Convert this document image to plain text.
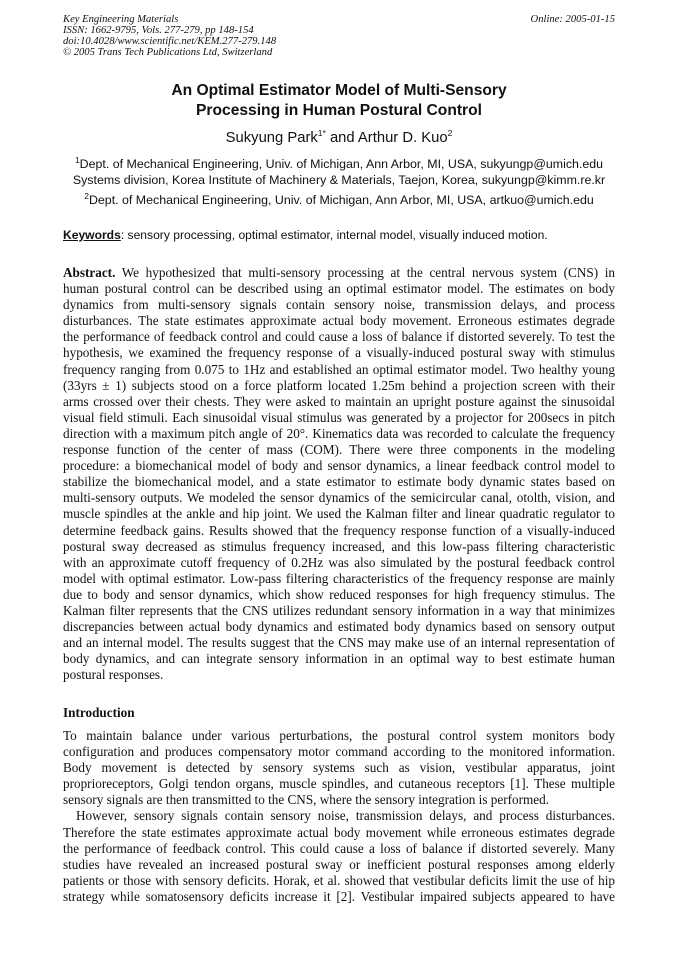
Key Engineering Materials	Online: 2005-01-15
ISSN: 1662-9795, Vols. 277-279, pp 148-154
doi:10.4028/www.scientific.net/KEM.277-279.148
© 2005 Trans Tech Publications Ltd, Switzerland
An Optimal Estimator Model of Multi-Sensory
Processing in Human Postural Control
Sukyung Park$^{1*}$ and Arthur D. Kuo$^2$
$^1$Dept. of Mechanical Engineering, Univ. of Michigan, Ann Arbor, MI, USA, sukyungp@umich.edu
Systems division, Korea Institute of Machinery & Materials, Taejon, Korea, sukyungp@kimm.re.kr
$^2$Dept. of Mechanical Engineering, Univ. of Michigan, Ann Arbor, MI, USA, artkuo@umich.edu
Keywords: sensory processing, optimal estimator, internal model, visually induced motion.
Abstract. We hypothesized that multi-sensory processing at the central nervous system (CNS) in
human postural control can be described using an optimal estimator model. The estimates on body
dynamics from multi-sensory signals contain sensory noise, transmission delays, and process
disturbances. The state estimates approximate actual body movement. Erroneous estimates degrade
the performance of feedback control and could cause a loss of balance if distorted severely. To test the
hypothesis, we examined the frequency response of a visually-induced postural sway with stimulus
frequency ranging from 0.075 to 1Hz and established an optimal estimator model. Two healthy young
(33yrs ± 1) subjects stood on a force platform located 1.25m behind a projection screen with their
arms crossed over their chests. They were asked to maintain an upright posture against the sinusoidal
visual field stimuli. Each sinusoidal visual stimulus was generated by a projector for 200secs in pitch
direction with a maximum pitch angle of 20°. Kinematics data was recorded to calculate the frequency
response function of the center of mass (COM). There were three components in the modeling
procedure: a biomechanical model of body and sensor dynamics, a linear feedback control model to
stabilize the biomechanical model, and a state estimator to estimate body dynamic states based on
multi-sensory outputs. We modeled the sensor dynamics of the semicircular canal, otolth, vision, and
muscle spindles at the ankle and hip joint. We used the Kalman filter and linear quadratic regulator to
determine feedback gains. Results showed that the frequency response function of a visually-induced
postural sway decreased as stimulus frequency increased, and this low-pass filtering characteristic
with an approximate cutoff frequency of 0.2Hz was also simulated by the postural feedback control
model with optimal estimator. Low-pass filtering characteristics of the frequency response are mainly
due to body and sensor dynamics, which show reduced responses for high frequency stimulus. The
Kalman filter represents that the CNS utilizes redundant sensory information in a way that minimizes
discrepancies between actual body dynamics and estimated body dynamics based on sensory output
and an internal model. The results suggest that the CNS may make use of an internal representation of
body dynamics, and can integrate sensory information in an optimal way to best estimate human
postural responses.
Introduction
To maintain balance under various perturbations, the postural control system monitors body
configuration and produces compensatory motor command according to the monitored information.
Body movement is detected by sensory systems such as vision, vestibular apparatus, joint
proprioreceptors, Golgi tendon organs, muscle spindles, and cutaneous receptors [1]. These multiple
sensory signals are then transmitted to the CNS, where the sensory integration is performed.
However, sensory signals contain sensory noise, transmission delays, and process disturbances.
Therefore the state estimates approximate actual body movement while erroneous estimates degrade
the performance of feedback control. This could cause a loss of balance if distorted severely. Many
studies have revealed an increased postural sway or inefficient postural responses among elderly
patients or those with sensory deficits. Horak, et al. showed that vestibular deficits limit the use of hip
strategy while somatosensory deficits increase it [2]. Vestibular impaired subjects appeared to have
